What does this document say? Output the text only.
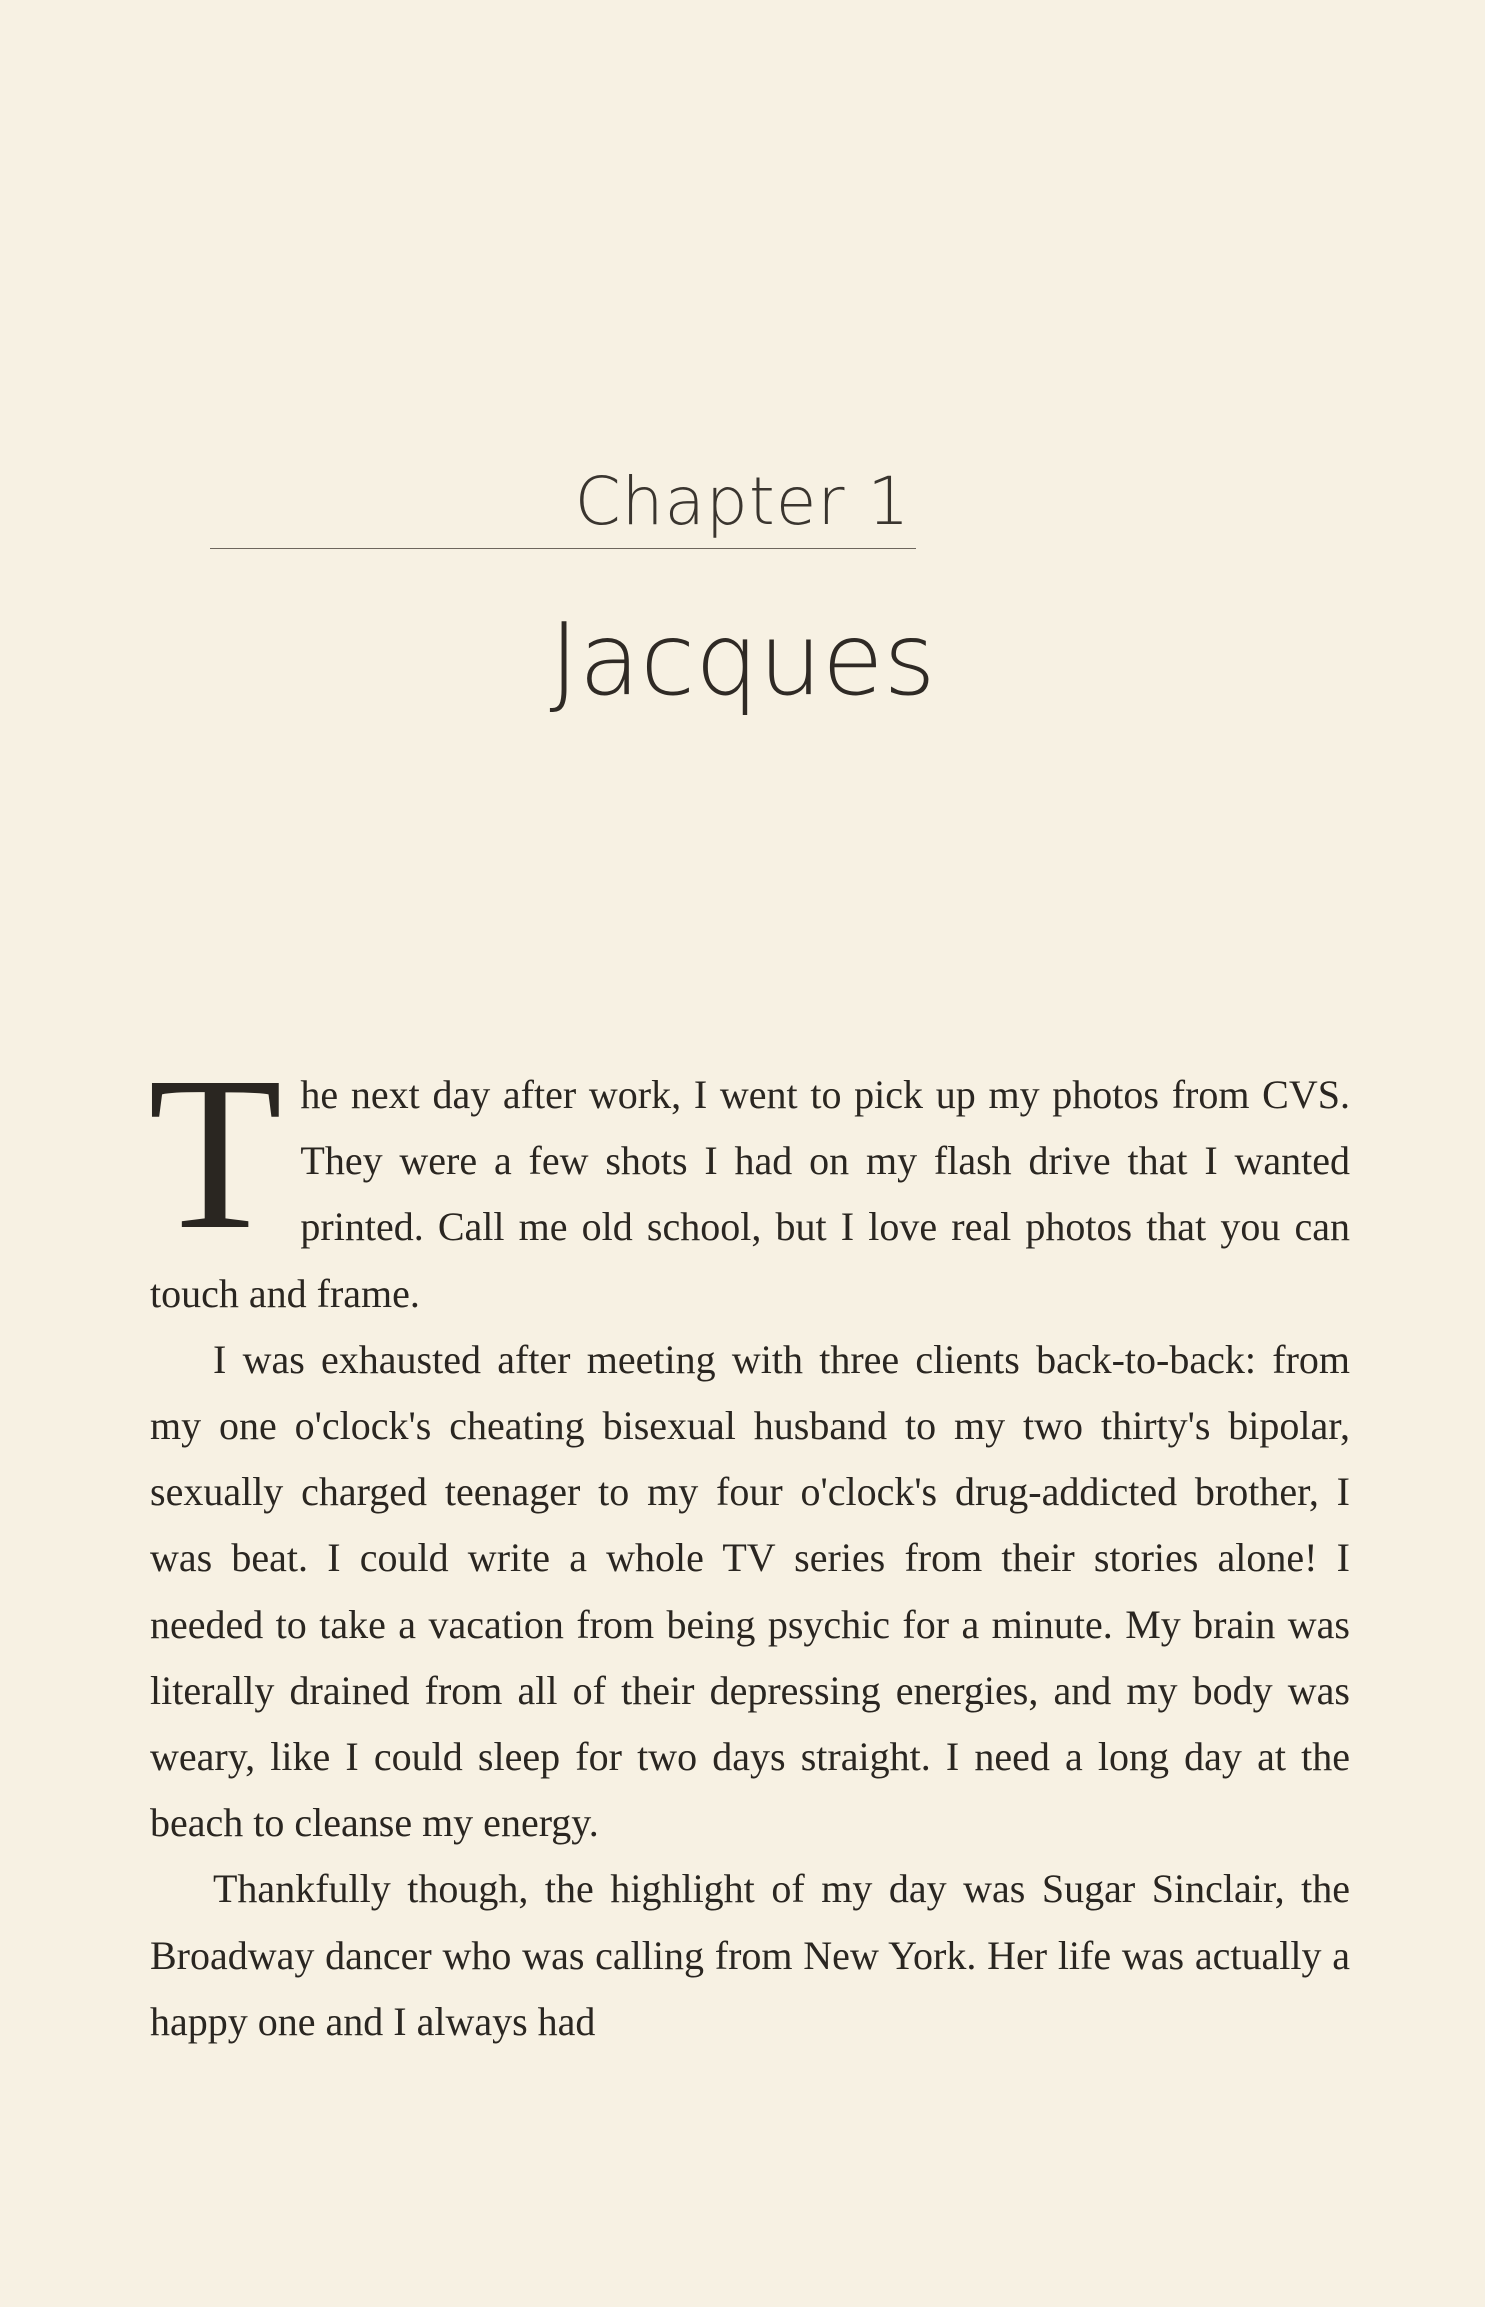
Chapter 1
Jacques

The next day after work, I went to pick up my photos from CVS. They were a few shots I had on my flash drive that I wanted printed. Call me old school, but I love real photos that you can touch and frame.

I was exhausted after meeting with three clients back-to-back: from my one o'clock's cheating bisexual husband to my two thirty's bipolar, sexually charged teenager to my four o'clock's drug-addicted brother, I was beat. I could write a whole TV series from their stories alone! I needed to take a vacation from being psychic for a minute. My brain was literally drained from all of their depressing energies, and my body was weary, like I could sleep for two days straight. I need a long day at the beach to cleanse my energy.

Thankfully though, the highlight of my day was Sugar Sinclair, the Broadway dancer who was calling from New York. Her life was actually a happy one and I always had
